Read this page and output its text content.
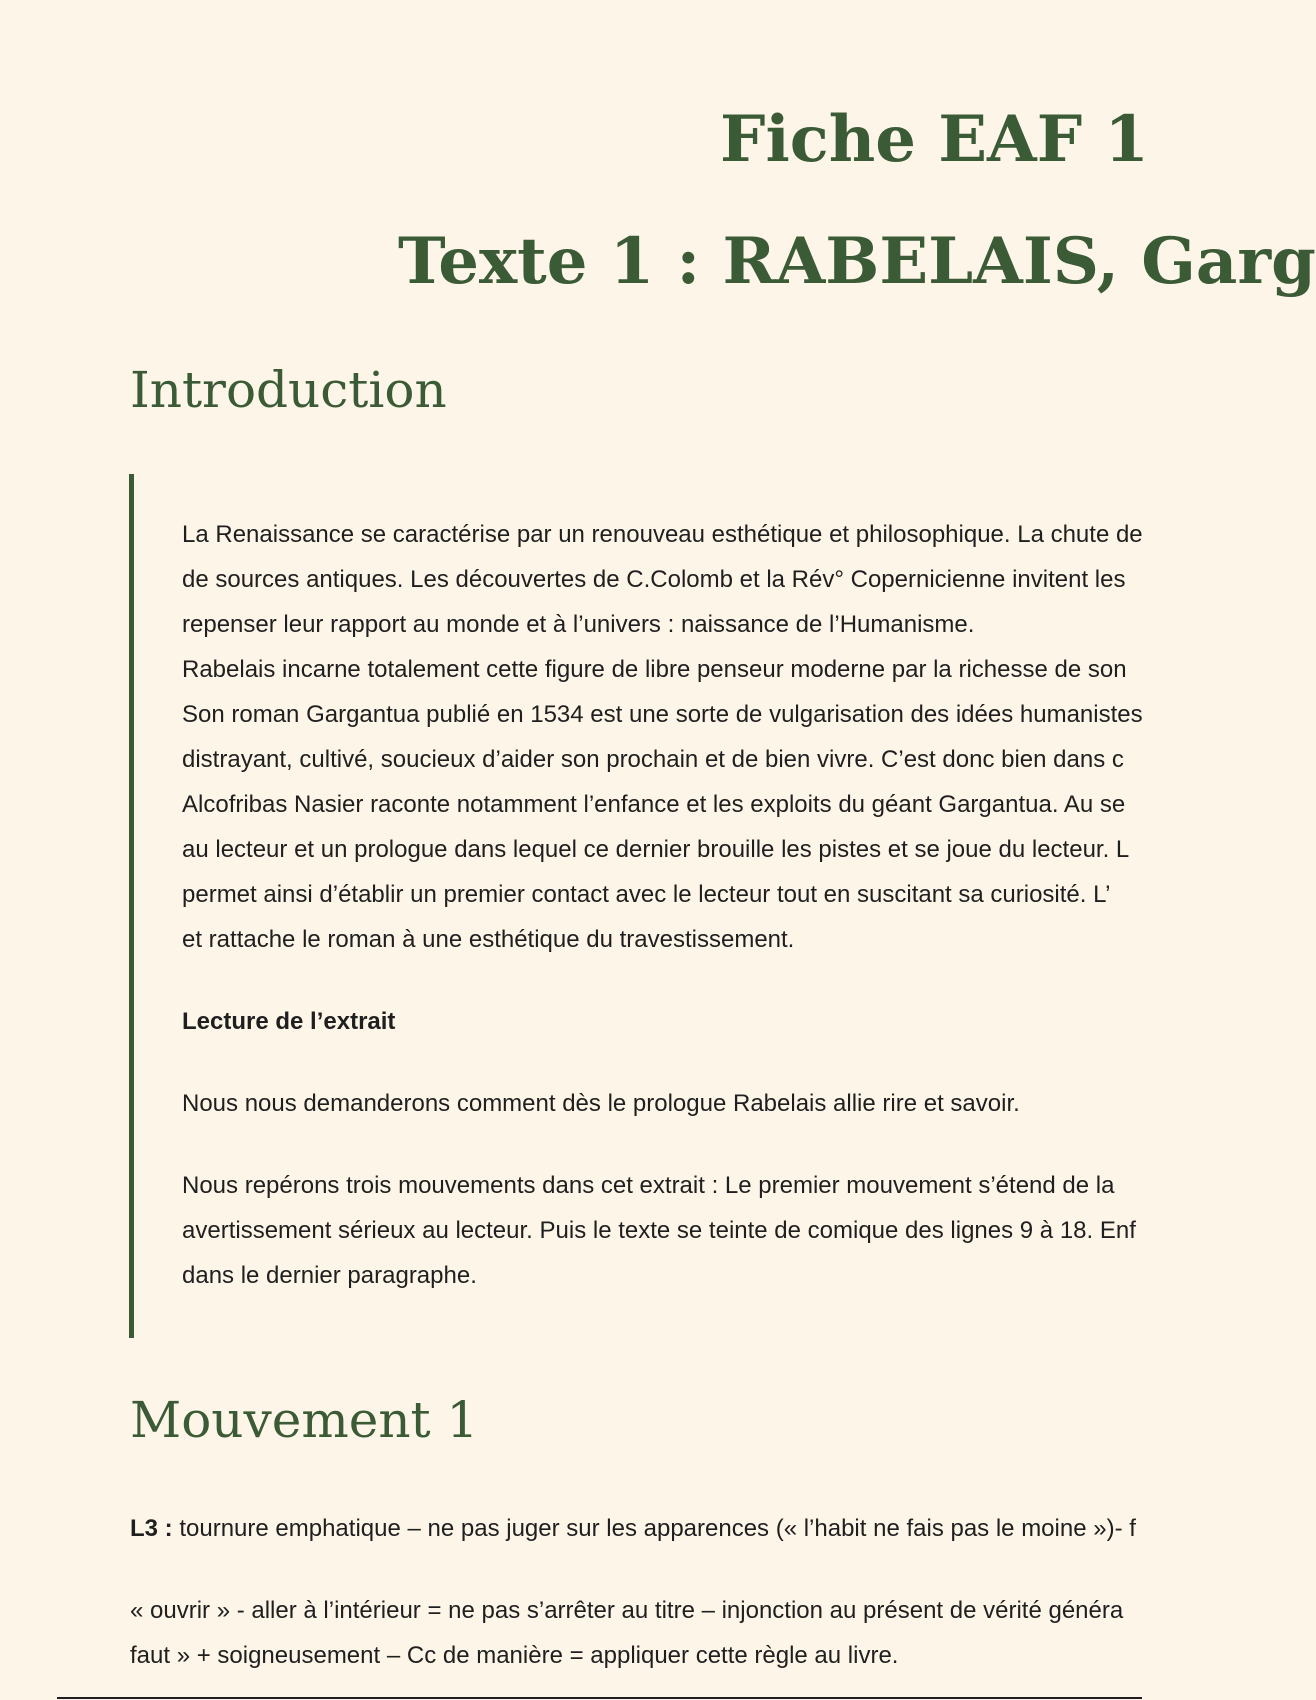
Fiche EAF 1
Texte 1 : RABELAIS, Garg
Introduction

La Renaissance se caractérise par un renouveau esthétique et philosophique. La chute de

de sources antiques. Les découvertes de C.Colomb et la Rév° Copernicienne invitent les

repenser leur rapport au monde et à l’univers : naissance de l’Humanisme.

Rabelais incarne totalement cette figure de libre penseur moderne par la richesse de son

Son roman Gargantua publié en 1534 est une sorte de vulgarisation des idées humanistes

distrayant, cultivé, soucieux d’aider son prochain et de bien vivre. C’est donc bien dans c

Alcofribas Nasier raconte notamment l’enfance et les exploits du géant Gargantua. Au se

au lecteur et un prologue dans lequel ce dernier brouille les pistes et se joue du lecteur. L

permet ainsi d’établir un premier contact avec le lecteur tout en suscitant sa curiosité. L’

et rattache le roman à une esthétique du travestissement.

Lecture de l’extrait

Nous nous demanderons comment dès le prologue Rabelais allie rire et savoir.

Nous repérons trois mouvements dans cet extrait : Le premier mouvement s’étend de la

avertissement sérieux au lecteur. Puis le texte se teinte de comique des lignes 9 à 18. Enf

dans le dernier paragraphe.

Mouvement 1

L3 : tournure emphatique – ne pas juger sur les apparences (« l’habit ne fais pas le moine »)- f

« ouvrir » - aller à l’intérieur = ne pas s’arrêter au titre – injonction au présent de vérité généra

faut » + soigneusement – Cc de manière = appliquer cette règle au livre.
